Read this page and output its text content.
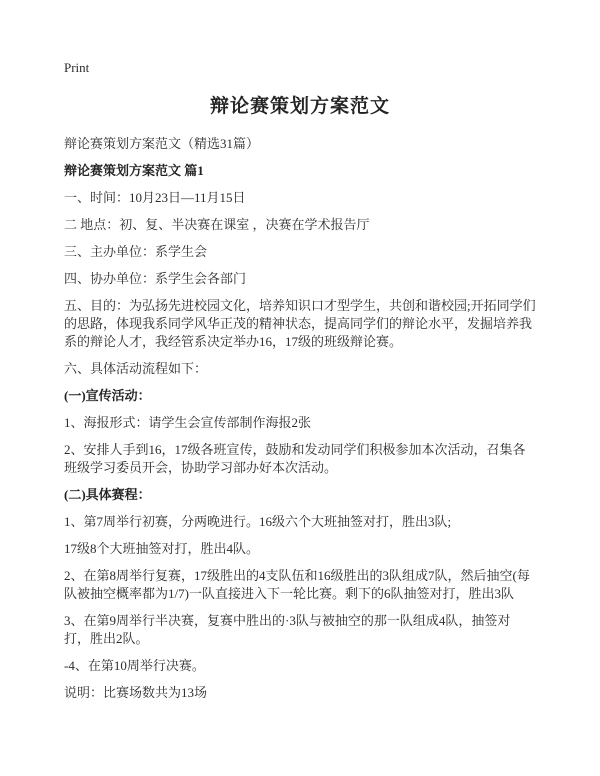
Print
辩论赛策划方案范文

辩论赛策划方案范文（精选31篇）

辩论赛策划方案范文 篇1

一、时间：10月23日—11月15日

二 地点：初、复、半决赛在课室 ，决赛在学术报告厅

三、主办单位：系学生会

四、协办单位：系学生会各部门

五、目的：为弘扬先进校园文化，培养知识口才型学生，共创和谐校园;开拓同学们的思路，体现我系同学风华正茂的精神状态，提高同学们的辩论水平，发掘培养我系的辩论人才，我经管系决定举办16，17级的班级辩论赛。

六、具体活动流程如下：

(一)宣传活动：

1、海报形式：请学生会宣传部制作海报2张

2、安排人手到16，17级各班宣传，鼓励和发动同学们积极参加本次活动，召集各班级学习委员开会，协助学习部办好本次活动。

(二)具体赛程：

1、第7周举行初赛，分两晚进行。16级六个大班抽签对打，胜出3队;

17级8个大班抽签对打，胜出4队。

2、在第8周举行复赛，17级胜出的4支队伍和16级胜出的3队组成7队，然后抽空(每队被抽空概率都为1/7)一队直接进入下一轮比赛。剩下的6队抽签对打，胜出3队

3、在第9周举行半决赛，复赛中胜出的·3队与被抽空的那一队组成4队，抽签对打，胜出2队。

-4、在第10周举行决赛。

说明：比赛场数共为13场
